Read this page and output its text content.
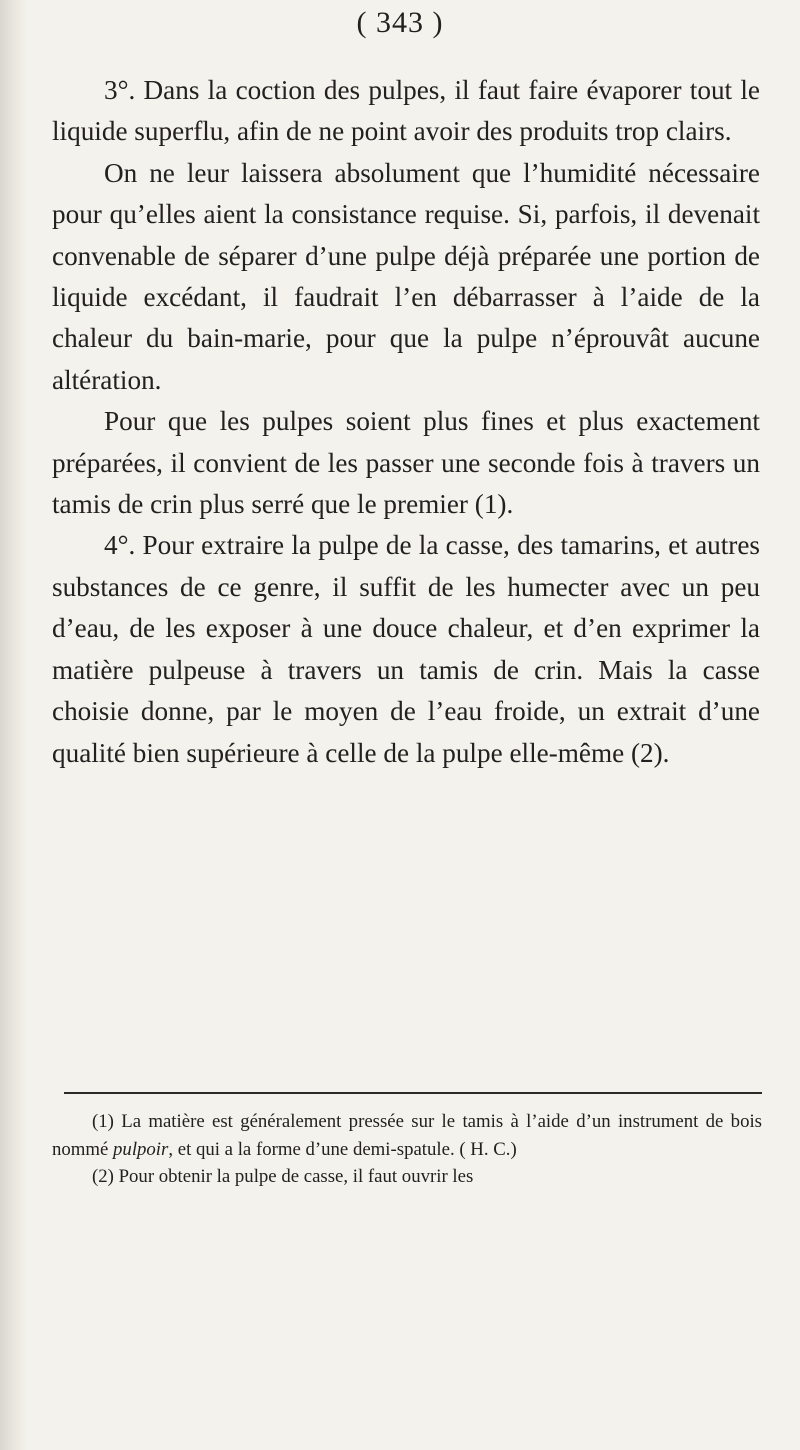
( 343 )

3°. Dans la coction des pulpes, il faut faire évaporer tout le liquide superflu, afin de ne point avoir des produits trop clairs.

On ne leur laissera absolument que l’humidité nécessaire pour qu’elles aient la consistance requise. Si, parfois, il devenait convenable de séparer d’une pulpe déjà préparée une portion de liquide excédant, il faudrait l’en débarrasser à l’aide de la chaleur du bain-marie, pour que la pulpe n’éprouvât aucune altération.

Pour que les pulpes soient plus fines et plus exactement préparées, il convient de les passer une seconde fois à travers un tamis de crin plus serré que le premier (1).

4°. Pour extraire la pulpe de la casse, des tamarins, et autres substances de ce genre, il suffit de les humecter avec un peu d’eau, de les exposer à une douce chaleur, et d’en exprimer la matière pulpeuse à travers un tamis de crin. Mais la casse choisie donne, par le moyen de l’eau froide, un extrait d’une qualité bien supérieure à celle de la pulpe elle-même (2).

(1) La matière est généralement pressée sur le tamis à l’aide d’un instrument de bois nommé pulpoir, et qui a la forme d’une demi-spatule. ( H. C.)

(2) Pour obtenir la pulpe de casse, il faut ouvrir les
